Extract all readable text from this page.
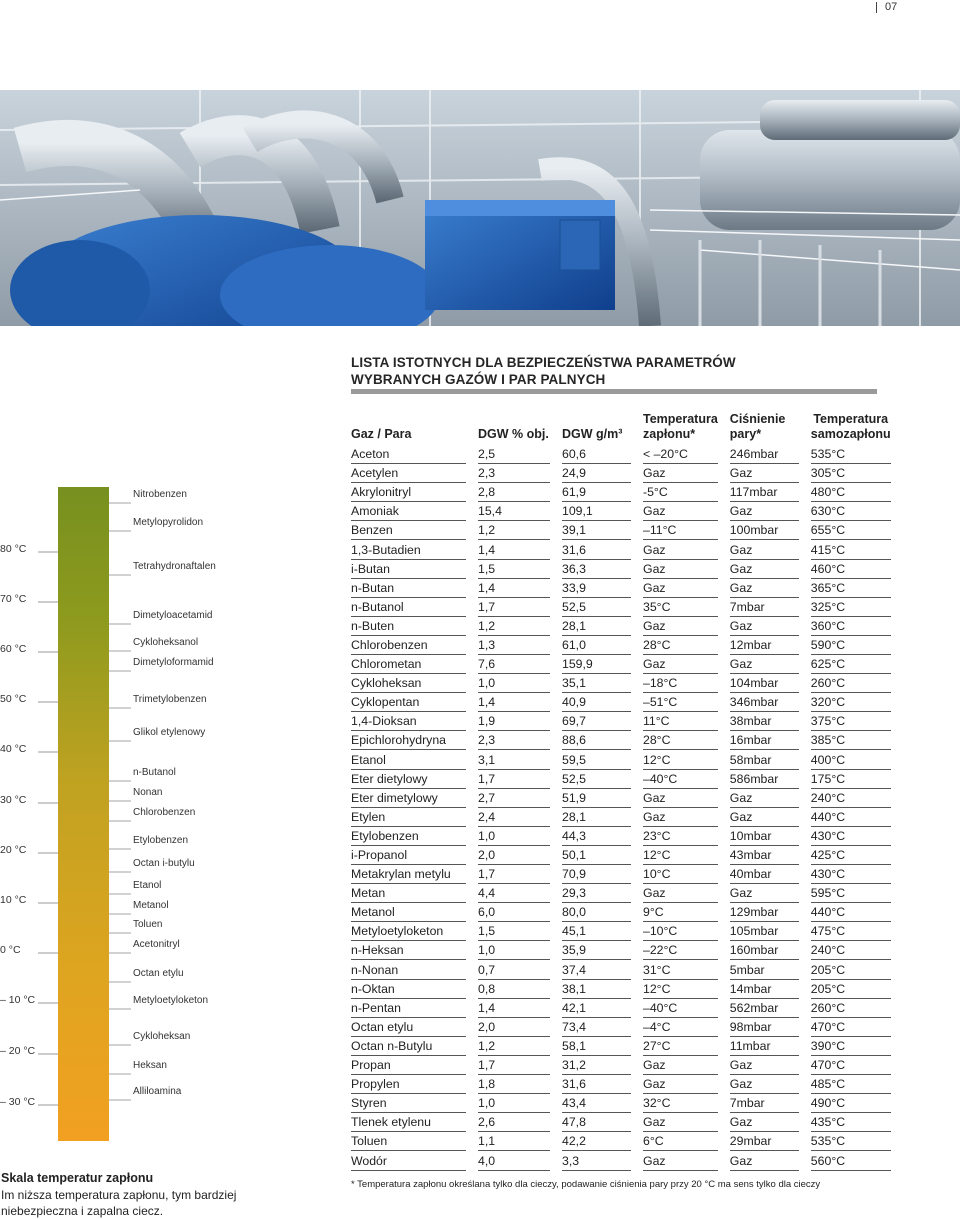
07
LISTA ISTOTNYCH DLA BEZPIECZEŃSTWA PARAMETRÓW
WYBRANYCH GAZÓW I PAR PALNYCH
80 °C
70 °C
60 °C
50 °C
40 °C
30 °C
20 °C
10 °C
0 °C
– 10 °C
– 20 °C
– 30 °C
Nitrobenzen
Metylopyrolidon
Tetrahydronaftalen
Dimetyloacetamid
Cykloheksanol
Dimetyloformamid
Trimetylobenzen
Glikol etylenowy
n-Butanol
Nonan
Chlorobenzen
Etylobenzen
Octan i-butylu
Etanol
Metanol
Toluen
Acetonitryl
Octan etylu
Metyloetyloketon
Cykloheksan
Heksan
Alliloamina
Skala temperatur zapłonu
Im niższa temperatura zapłonu, tym bardziej
niebezpieczna i zapalna ciecz.

Gaz / Para	DGW % obj.	DGW g/m³	Temperatura
zapłonu*	Ciśnienie
pary*	Temperatura
samozapłonu

Aceton	2,5	60,6	< –20°C	246mbar	535°C

Acetylen	2,3	24,9	Gaz	Gaz	305°C

Akrylonitryl	2,8	61,9	-5°C	117mbar	480°C

Amoniak	15,4	109,1	Gaz	Gaz	630°C

Benzen	1,2	39,1	–11°C	100mbar	655°C

1,3-Butadien	1,4	31,6	Gaz	Gaz	415°C

i-Butan	1,5	36,3	Gaz	Gaz	460°C

n-Butan	1,4	33,9	Gaz	Gaz	365°C

n-Butanol	1,7	52,5	35°C	7mbar	325°C

n-Buten	1,2	28,1	Gaz	Gaz	360°C

Chlorobenzen	1,3	61,0	28°C	12mbar	590°C

Chlorometan	7,6	159,9	Gaz	Gaz	625°C

Cykloheksan	1,0	35,1	–18°C	104mbar	260°C

Cyklopentan	1,4	40,9	–51°C	346mbar	320°C

1,4-Dioksan	1,9	69,7	11°C	38mbar	375°C

Epichlorohydryna	2,3	88,6	28°C	16mbar	385°C

Etanol	3,1	59,5	12°C	58mbar	400°C

Eter dietylowy	1,7	52,5	–40°C	586mbar	175°C

Eter dimetylowy	2,7	51,9	Gaz	Gaz	240°C

Etylen	2,4	28,1	Gaz	Gaz	440°C

Etylobenzen	1,0	44,3	23°C	10mbar	430°C

i-Propanol	2,0	50,1	12°C	43mbar	425°C

Metakrylan metylu	1,7	70,9	10°C	40mbar	430°C

Metan	4,4	29,3	Gaz	Gaz	595°C

Metanol	6,0	80,0	9°C	129mbar	440°C

Metyloetyloketon	1,5	45,1	–10°C	105mbar	475°C

n-Heksan	1,0	35,9	–22°C	160mbar	240°C

n-Nonan	0,7	37,4	31°C	5mbar	205°C

n-Oktan	0,8	38,1	12°C	14mbar	205°C

n-Pentan	1,4	42,1	–40°C	562mbar	260°C

Octan etylu	2,0	73,4	–4°C	98mbar	470°C

Octan n-Butylu	1,2	58,1	27°C	11mbar	390°C

Propan	1,7	31,2	Gaz	Gaz	470°C

Propylen	1,8	31,6	Gaz	Gaz	485°C

Styren	1,0	43,4	32°C	7mbar	490°C

Tlenek etylenu	2,6	47,8	Gaz	Gaz	435°C

Toluen	1,1	42,2	6°C	29mbar	535°C

Wodór	4,0	3,3	Gaz	Gaz	560°C
* Temperatura zapłonu określana tylko dla cieczy, podawanie ciśnienia pary przy 20 °C ma sens tylko dla cieczy
